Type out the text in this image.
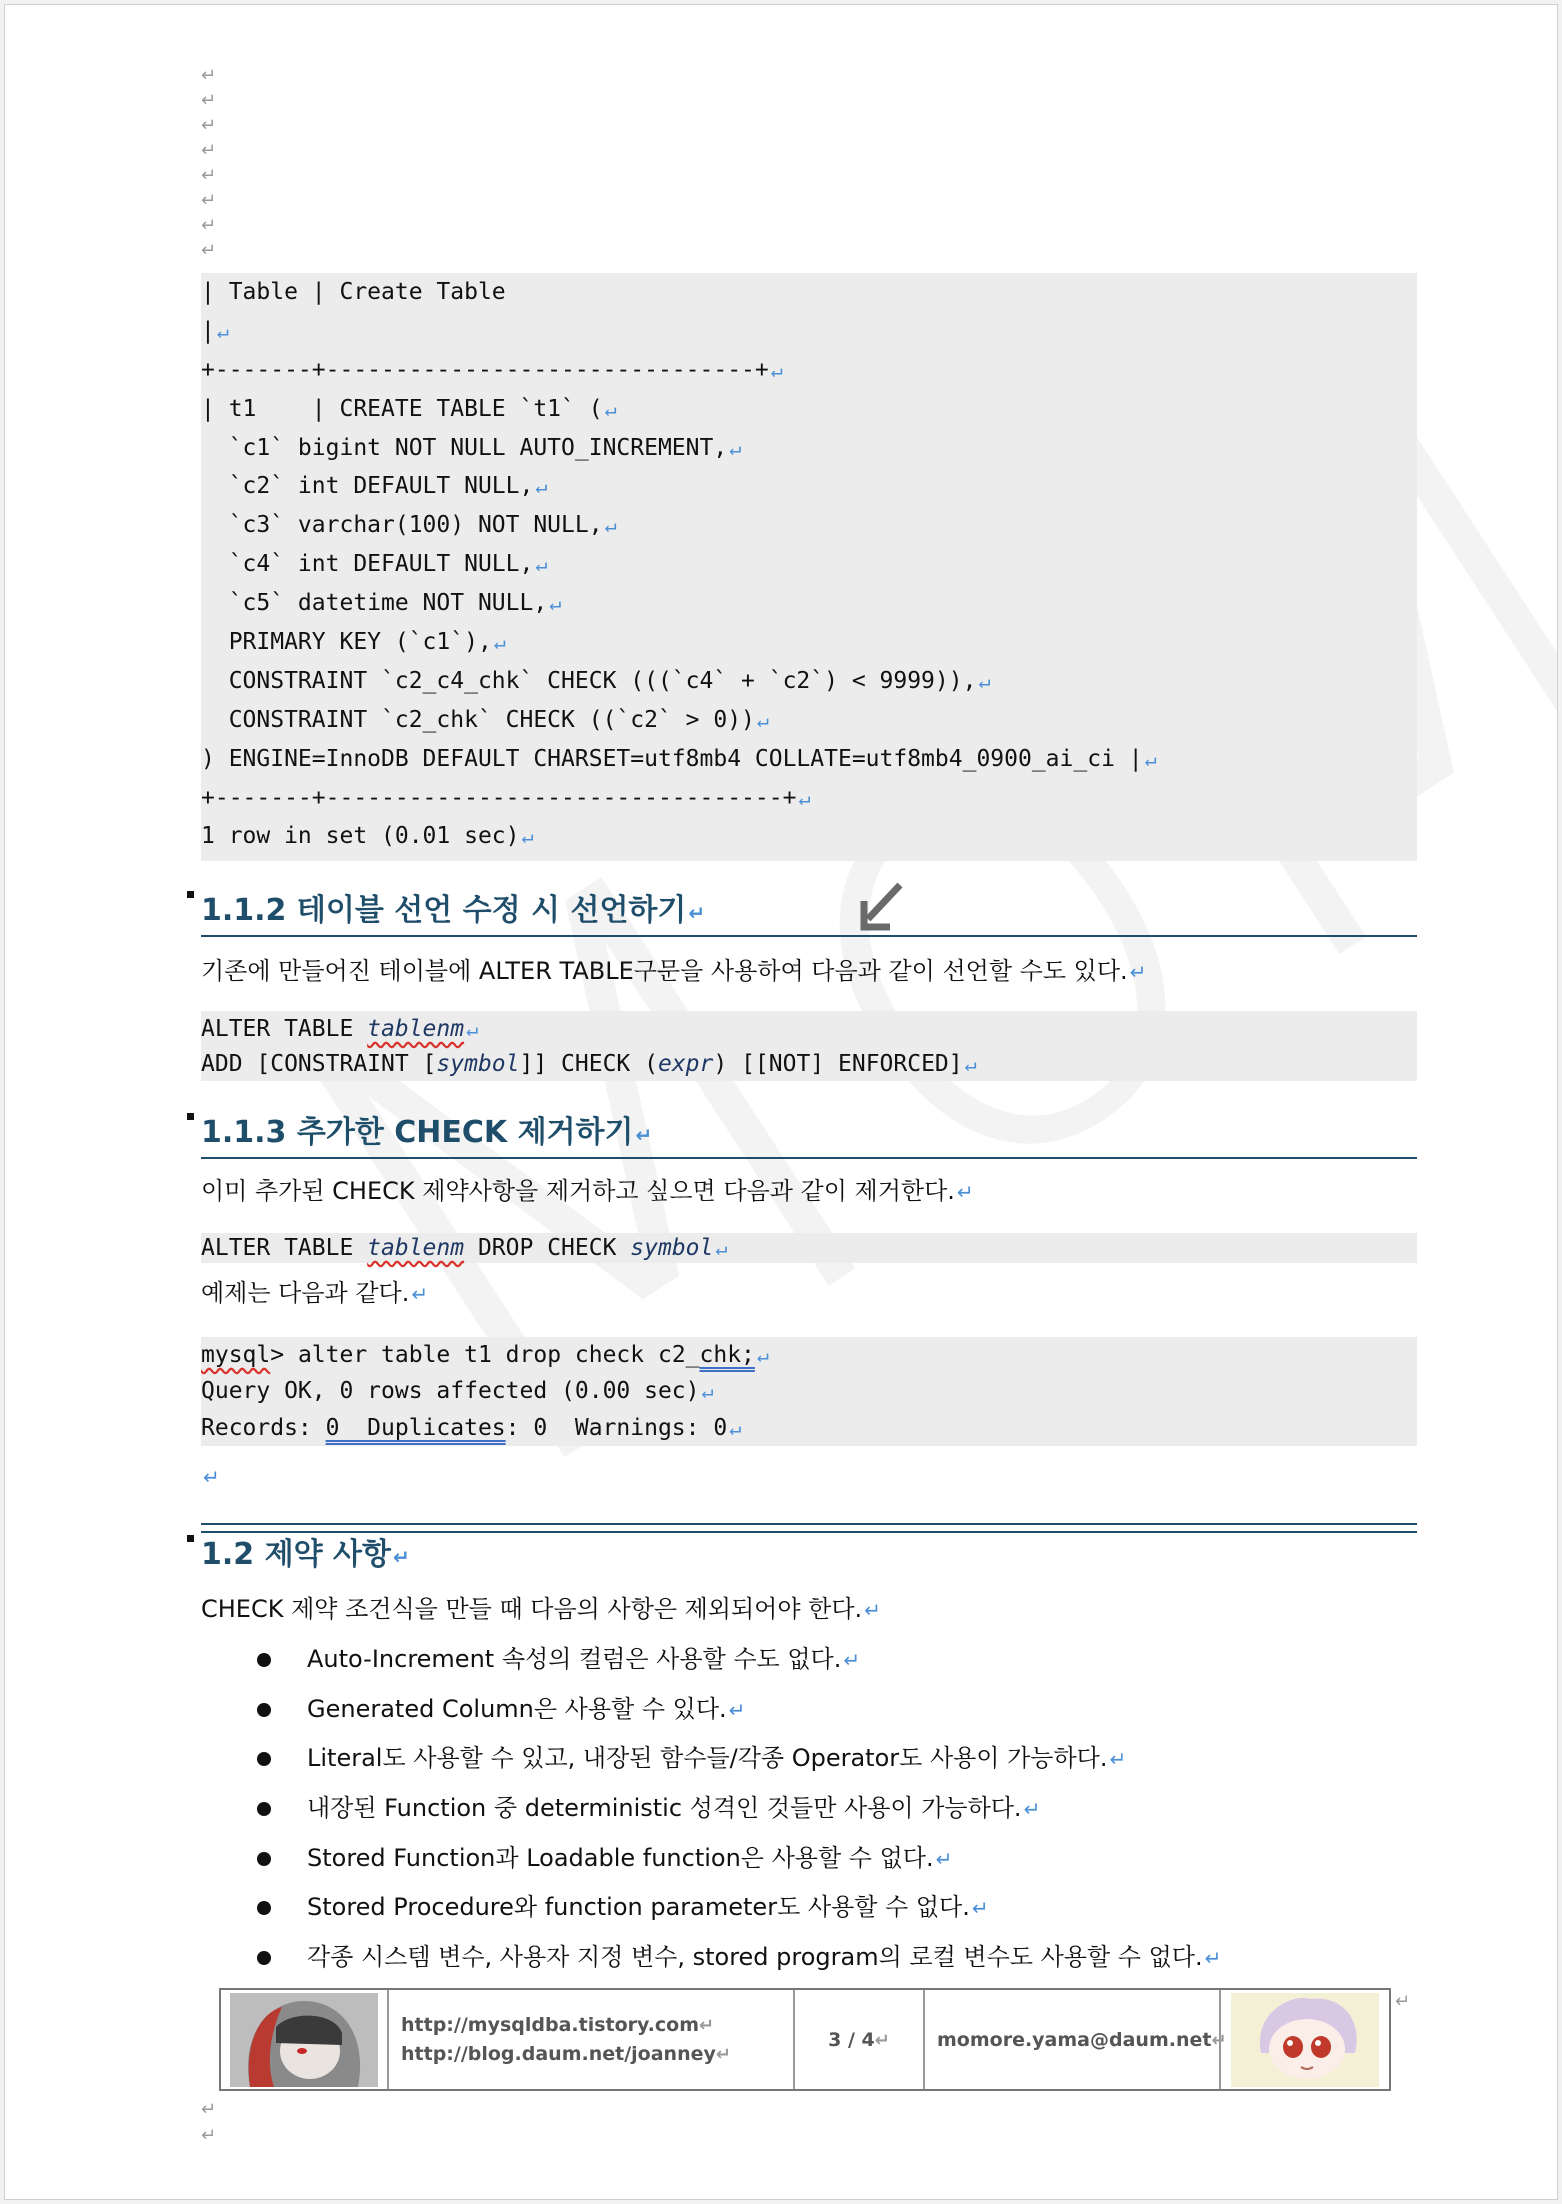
↵
↵
↵
↵
↵
↵
↵
↵
| Table | Create Table
| ↵
+-------+-------------------------------+ ↵
| t1    | CREATE TABLE `t1` ( ↵
`c1` bigint NOT NULL AUTO_INCREMENT, ↵
`c2` int DEFAULT NULL, ↵
`c3` varchar(100) NOT NULL, ↵
`c4` int DEFAULT NULL, ↵
`c5` datetime NOT NULL, ↵
PRIMARY KEY (`c1`), ↵
CONSTRAINT `c2_c4_chk` CHECK (((`c4` + `c2`) < 9999)), ↵
CONSTRAINT `c2_chk` CHECK ((`c2` > 0)) ↵
) ENGINE=InnoDB DEFAULT CHARSET=utf8mb4 COLLATE=utf8mb4_0900_ai_ci | ↵
+-------+---------------------------------+ ↵
1 row in set (0.01 sec) ↵
1.1.2 테이블 선언 수정 시 선언하기 ↵
기존에 만들어진 테이블에 ALTER TABLE구문을 사용하여 다음과 같이 선언할 수도 있다. ↵
ALTER TABLE tablenm ↵
ADD [CONSTRAINT [symbol]] CHECK (expr) [[NOT] ENFORCED] ↵
1.1.3 추가한 CHECK 제거하기 ↵
이미 추가된 CHECK 제약사항을 제거하고 싶으면 다음과 같이 제거한다. ↵
ALTER TABLE tablenm DROP CHECK symbol ↵
예제는 다음과 같다. ↵
mysql> alter table t1 drop check c2_chk; ↵
Query OK, 0 rows affected (0.00 sec) ↵
Records: 0  Duplicates: 0  Warnings: 0 ↵
↵
1.2 제약 사항 ↵
CHECK 제약 조건식을 만들 때 다음의 사항은 제외되어야 한다. ↵
Auto-Increment 속성의 컬럼은 사용할 수도 없다. ↵
Generated Column은 사용할 수 있다. ↵
Literal도 사용할 수 있고, 내장된 함수들/각종 Operator도 사용이 가능하다. ↵
내장된 Function 중 deterministic 성격인 것들만 사용이 가능하다. ↵
Stored Function과 Loadable function은 사용할 수 없다. ↵
Stored Procedure와 function parameter도 사용할 수 없다. ↵
각종 시스템 변수, 사용자 지정 변수, stored program의 로컬 변수도 사용할 수 없다. ↵
http://mysqldba.tistory.com↵
http://blog.daum.net/joanney↵
3 / 4↵ momore.yama@daum.net↵
↵
↵
↵
